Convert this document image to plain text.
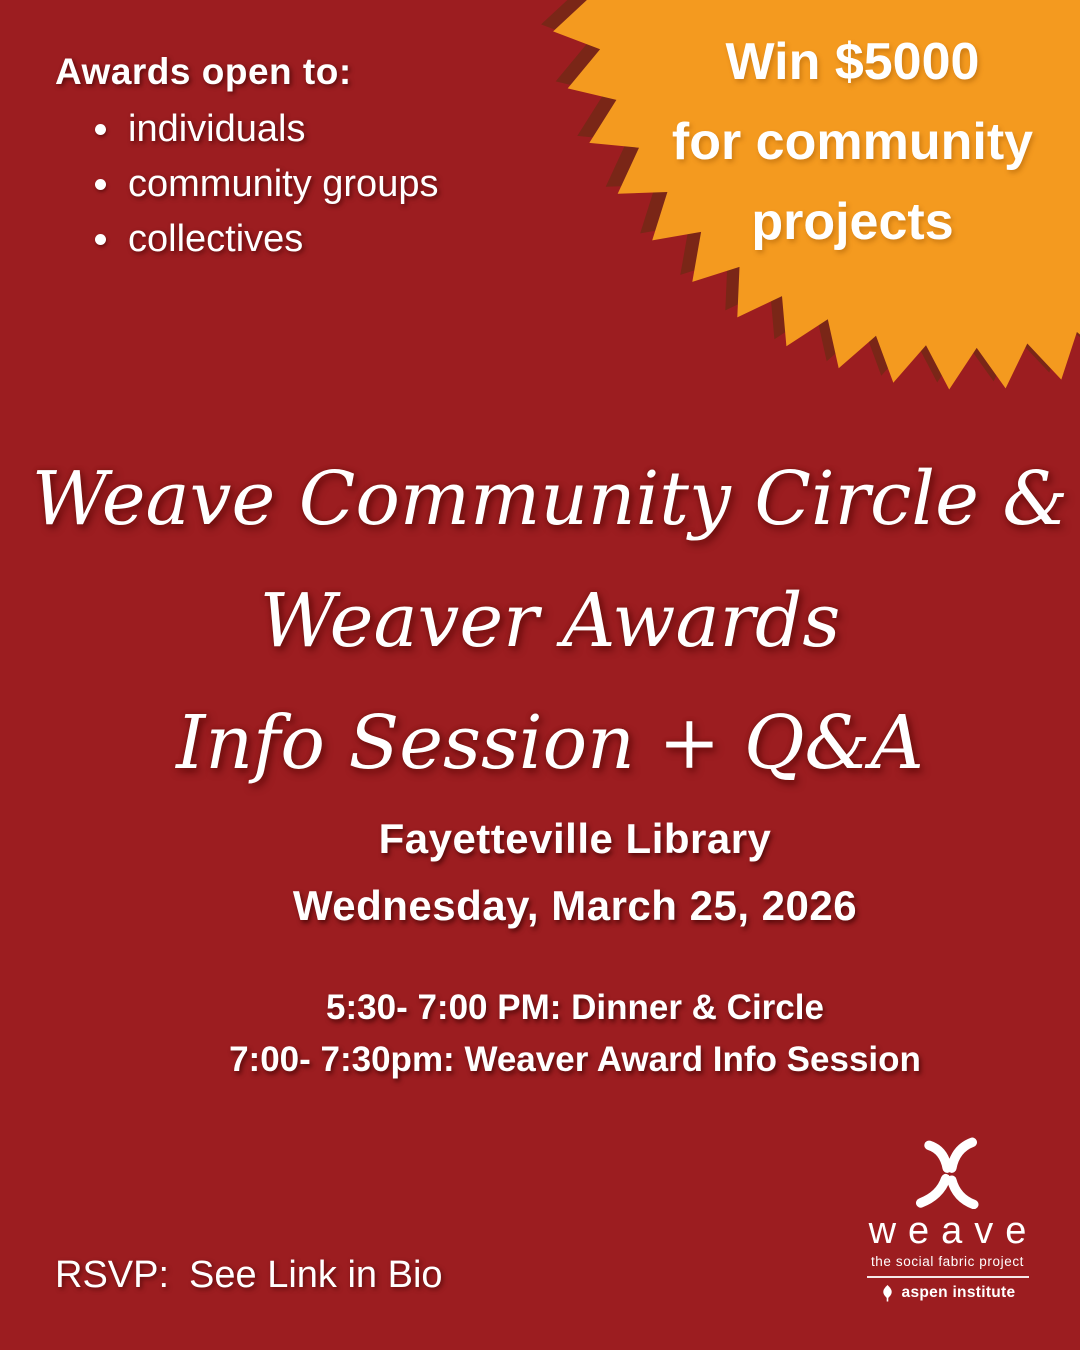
Win $5000
for community
projects
Awards open to:
individuals
community groups
collectives
Weave Community Circle &
Weaver Awards
Info Session + Q&A
Fayetteville Library
Wednesday, March 25, 2026
5:30- 7:00 PM: Dinner & Circle
7:00- 7:30pm: Weaver Award Info Session
RSVP: See Link in Bio
weave
the social fabric project
aspen institute
